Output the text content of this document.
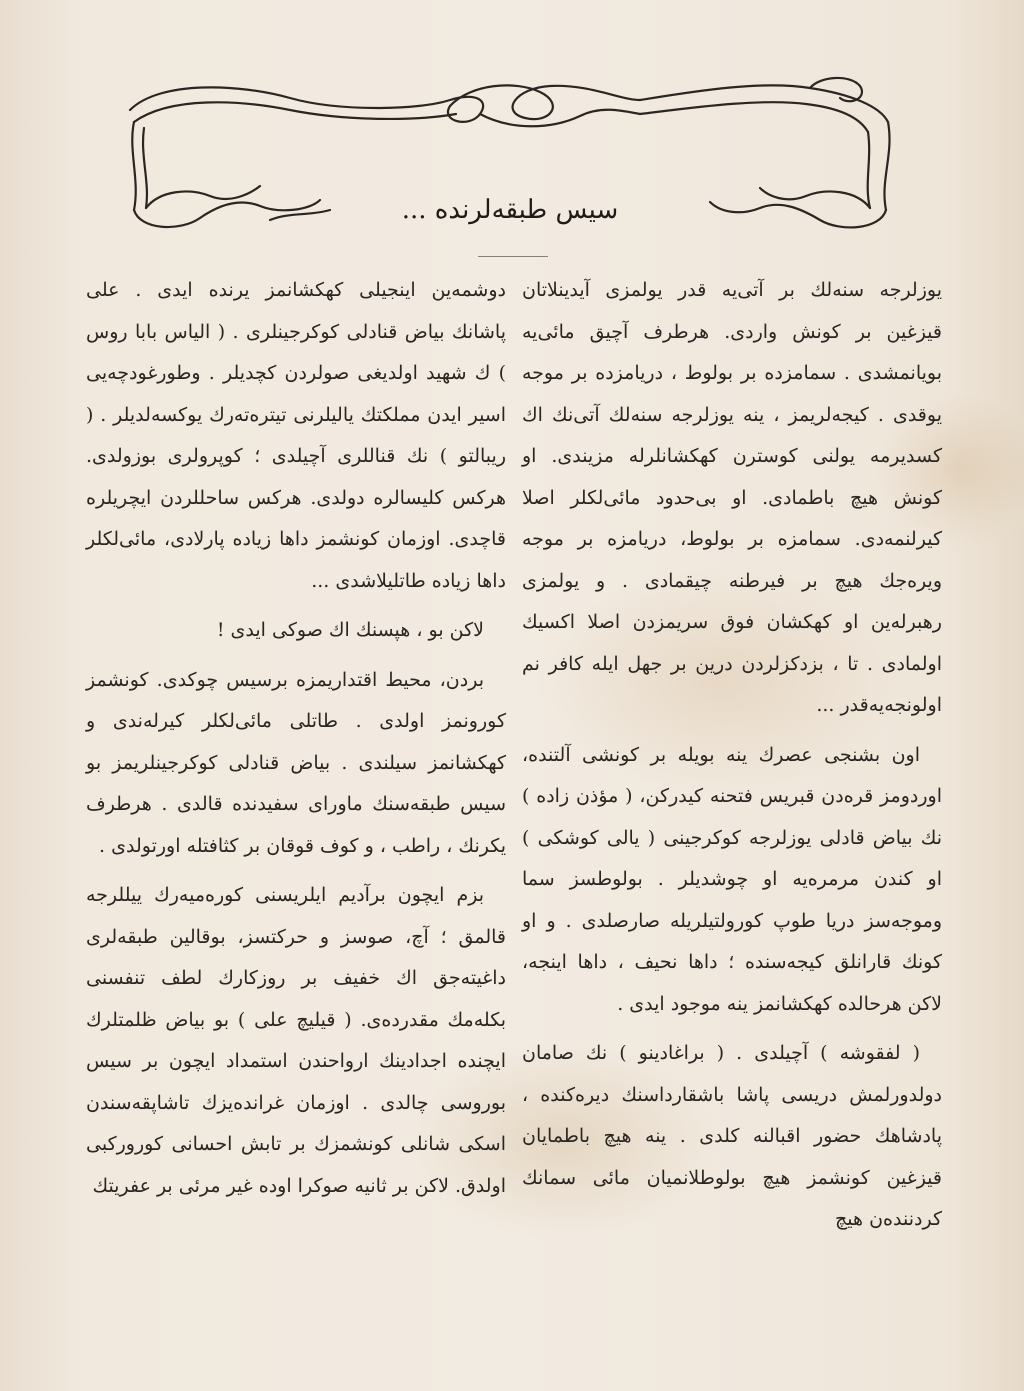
سیس طبقه‌لرنده ...

یوزلرجه سنه‌لك بر آتی‌یه قدر یولمزی آیدینلاتان قیزغین بر کونش واردی. هرطرف آچیق مائی‌یه بویانمشدی . سمامزده بر بولوط ، دریامزده بر موجه یوقدی . کیجه‌لریمز ، ینه یوزلرجه سنه‌لك آتی‌نك اك کسدیرمه یولنی کوسترن کهکشانلرله مزیندی. او کونش هیچ باطمادی. او بی‌حدود مائی‌لكلر اصلا کیرلنمه‌دی. سمامزه بر بولوط، دریامزه بر موجه ویره‌جك هیچ بر فیرطنه چیقمادی . و یولمزی رهبرله‌ین او کهکشان فوق سریمزدن اصلا اکسیك اولمادی . تا ، بزدکزلردن درین بر جهل ایله کافر نم اولونجه‌یه‌قدر ...

اون بشنجی عصرك ینه بویله بر کونشی آلتنده، اوردومز قره‌دن قبریس فتحنه کیدرکن، ( مؤذن زاده ) نك بیاض قادلی یوزلرجه کوکرجینی ( یالی کوشکی ) او کندن مرمره‌یه او چوشدیلر . بولوطسز سما وموجه‌سز دریا طوپ کورولتیلریله صارصلدی . و او کونك قارانلق کیجه‌سنده ؛ داها نحیف ، داها اینجه، لاکن هرحالده کهکشانمز ینه موجود ایدی .

( لفقوشه ) آچیلدی . ( براغادینو ) نك صامان دولدورلمش دریسی پاشا باشقارداسنك دیره‌کنده ، پادشاهك حضور اقبالنه کلدی . ینه هیچ باطمایان قیزغین کونشمز هیچ بولوطلانمیان مائی سمانك کردننده‌ن هیچ

دوشمه‌ین اینجیلی کهکشانمز یرنده ایدی . علی پاشانك بیاض قنادلی کوکرجینلری . ( الیاس بابا روس ) ك شهید اولدیغی صولردن کچدیلر . وطورغودچه‌یی اسیر ایدن مملکتك یالیلرنی تیتره‌ته‌رك یوکسه‌لدیلر . ( ریبالتو ) نك قناللری آچیلدی ؛ کوپرولری بوزولدی. هرکس کلیسالره دولدی. هرکس ساحللردن ایچریلره قاچدی. اوزمان کونشمز داها زیاده پارلادی، مائی‌لکلر داها زیاده طاتلیلاشدی ...

لاکن بو ، هپسنك اك صوکی ایدی !

بردن، محیط اقتداریمزه برسیس چوکدی. کونشمز کورونمز اولدی . طاتلی مائی‌لکلر کیرله‌ندی و کهکشانمز سیلندی . بیاض قنادلی کوکرجینلریمز بو سیس طبقه‌سنك ماورای سفیدنده قالدی . هرطرف یکرنك ، راطب ، و کوف قوقان بر کثافتله اورتولدی .

بزم ایچون برآدیم ایلریسنی کوره‌میه‌رك ییللرجه قالمق ؛ آچ، صوسز و حرکتسز، بوقالین طبقه‌لری داغیته‌جق اك خفیف بر روزکارك لطف تنفسنی بکله‌مك مقدرده‌ی. ( قیلیچ علی ) بو بیاض ظلمتلرك ایچنده اجدادینك ارواحندن استمداد ایچون بر سیس بوروسی چالدی . اوزمان غرانده‌یزك تاشاپقه‌سندن اسکی شانلی کونشمزك بر تابش احسانی کورورکبی اولدق. لاکن بر ثانیه صوکرا اوده غیر مرئی بر عفریتك
